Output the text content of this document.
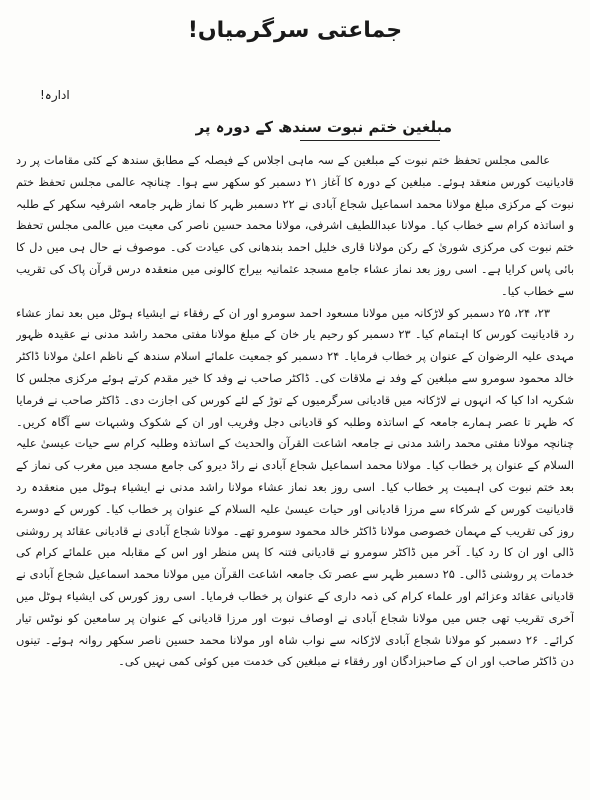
جماعتی سرگرمیاں!
ادارہ!
مبلغین ختم نبوت سندھ کے دورہ پر

عالمی مجلس تحفظ ختم نبوت کے مبلغین کے سہ ماہی اجلاس کے فیصلہ کے مطابق سندھ کے کئی مقامات پر رد قادیانیت کورس منعقد ہوئے۔ مبلغین کے دورہ کا آغاز ۲۱ دسمبر کو سکھر سے ہوا۔ چنانچہ عالمی مجلس تحفظ ختم نبوت کے مرکزی مبلغ مولانا محمد اسماعیل شجاع آبادی نے ۲۲ دسمبر ظہر کا نماز ظہر جامعہ اشرفیہ سکھر کے طلبہ و اساتذہ کرام سے خطاب کیا۔ مولانا عبداللطیف اشرفی، مولانا محمد حسین ناصر کی معیت میں عالمی مجلس تحفظ ختم نبوت کی مرکزی شوریٰ کے رکن مولانا قاری خلیل احمد بندھانی کی عیادت کی۔ موصوف نے حال ہی میں دل کا بائی پاس کرایا ہے۔ اسی روز بعد نماز عشاء جامع مسجد عثمانیہ بیراج کالونی میں منعقدہ درس قرآن پاک کی تقریب سے خطاب کیا۔

۲۳، ۲۴، ۲۵ دسمبر کو لاڑکانہ میں مولانا مسعود احمد سومرو اور ان کے رفقاء نے ایشیاء ہوٹل میں بعد نماز عشاء رد قادیانیت کورس کا اہتمام کیا۔ ۲۳ دسمبر کو رحیم یار خان کے مبلغ مولانا مفتی محمد راشد مدنی نے عقیدہ ظہور مہدی علیہ الرضوان کے عنوان پر خطاب فرمایا۔ ۲۴ دسمبر کو جمعیت علمائے اسلام سندھ کے ناظم اعلیٰ مولانا ڈاکٹر خالد محمود سومرو سے مبلغین کے وفد نے ملاقات کی۔ ڈاکٹر صاحب نے وفد کا خیر مقدم کرتے ہوئے مرکزی مجلس کا شکریہ ادا کیا کہ انہوں نے لاڑکانہ میں قادیانی سرگرمیوں کے توڑ کے لئے کورس کی اجازت دی۔ ڈاکٹر صاحب نے فرمایا کہ ظہر تا عصر ہمارے جامعہ کے اساتذہ وطلبہ کو قادیانی دجل وفریب اور ان کے شکوک وشبہات سے آگاہ کریں۔ چنانچہ مولانا مفتی محمد راشد مدنی نے جامعہ اشاعت القرآن والحدیث کے اساتذہ وطلبہ کرام سے حیات عیسیٰ علیہ السلام کے عنوان پر خطاب کیا۔ مولانا محمد اسماعیل شجاع آبادی نے راڈ دیرو کی جامع مسجد میں مغرب کی نماز کے بعد ختم نبوت کی اہمیت پر خطاب کیا۔ اسی روز بعد نماز عشاء مولانا راشد مدنی نے ایشیاء ہوٹل میں منعقدہ رد قادیانیت کورس کے شرکاء سے مرزا قادیانی اور حیات عیسیٰ علیہ السلام کے عنوان پر خطاب کیا۔ کورس کے دوسرے روز کی تقریب کے مہمان خصوصی مولانا ڈاکٹر خالد محمود سومرو تھے۔ مولانا شجاع آبادی نے قادیانی عقائد پر روشنی ڈالی اور ان کا رد کیا۔ آخر میں ڈاکٹر سومرو نے قادیانی فتنہ کا پس منظر اور اس کے مقابلہ میں علمائے کرام کی خدمات پر روشنی ڈالی۔ ۲۵ دسمبر ظہر سے عصر تک جامعہ اشاعت القرآن میں مولانا محمد اسماعیل شجاع آبادی نے قادیانی عقائد وعزائم اور علماء کرام کی ذمہ داری کے عنوان پر خطاب فرمایا۔ اسی روز کورس کی ایشیاء ہوٹل میں آخری تقریب تھی جس میں مولانا شجاع آبادی نے اوصاف نبوت اور مرزا قادیانی کے عنوان پر سامعین کو نوٹس تیار کرائے۔ ۲۶ دسمبر کو مولانا شجاع آبادی لاڑکانہ سے نواب شاہ اور مولانا محمد حسین ناصر سکھر روانہ ہوئے۔ تینوں دن ڈاکٹر صاحب اور ان کے صاحبزادگان اور رفقاء نے مبلغین کی خدمت میں کوئی کمی نہیں کی۔
